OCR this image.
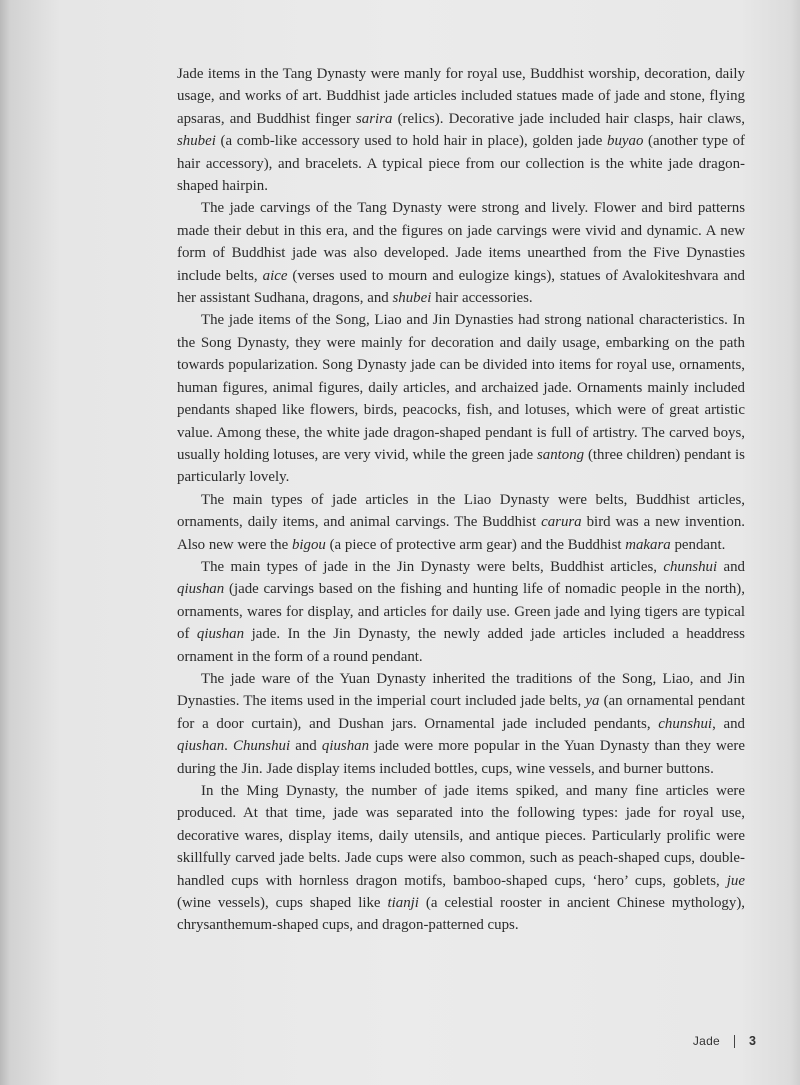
Jade items in the Tang Dynasty were manly for royal use, Buddhist worship, decoration, daily usage, and works of art. Buddhist jade articles included statues made of jade and stone, flying apsaras, and Buddhist finger sarira (relics). Decorative jade included hair clasps, hair claws, shubei (a comb-like accessory used to hold hair in place), golden jade buyao (another type of hair accessory), and bracelets. A typical piece from our collection is the white jade dragon-shaped hairpin.

The jade carvings of the Tang Dynasty were strong and lively. Flower and bird patterns made their debut in this era, and the figures on jade carvings were vivid and dynamic. A new form of Buddhist jade was also developed. Jade items unearthed from the Five Dynasties include belts, aice (verses used to mourn and eulogize kings), statues of Avalokiteshvara and her assistant Sudhana, dragons, and shubei hair accessories.

The jade items of the Song, Liao and Jin Dynasties had strong national characteristics. In the Song Dynasty, they were mainly for decoration and daily usage, embarking on the path towards popularization. Song Dynasty jade can be divided into items for royal use, ornaments, human figures, animal figures, daily articles, and archaized jade. Ornaments mainly included pendants shaped like flowers, birds, peacocks, fish, and lotuses, which were of great artistic value. Among these, the white jade dragon-shaped pendant is full of artistry. The carved boys, usually holding lotuses, are very vivid, while the green jade santong (three children) pendant is particularly lovely.

The main types of jade articles in the Liao Dynasty were belts, Buddhist articles, ornaments, daily items, and animal carvings. The Buddhist carura bird was a new invention. Also new were the bigou (a piece of protective arm gear) and the Buddhist makara pendant.

The main types of jade in the Jin Dynasty were belts, Buddhist articles, chunshui and qiushan (jade carvings based on the fishing and hunting life of nomadic people in the north), ornaments, wares for display, and articles for daily use. Green jade and lying tigers are typical of qiushan jade. In the Jin Dynasty, the newly added jade articles included a headdress ornament in the form of a round pendant.

The jade ware of the Yuan Dynasty inherited the traditions of the Song, Liao, and Jin Dynasties. The items used in the imperial court included jade belts, ya (an ornamental pendant for a door curtain), and Dushan jars. Ornamental jade included pendants, chunshui, and qiushan. Chunshui and qiushan jade were more popular in the Yuan Dynasty than they were during the Jin. Jade display items included bottles, cups, wine vessels, and burner buttons.

In the Ming Dynasty, the number of jade items spiked, and many fine articles were produced. At that time, jade was separated into the following types: jade for royal use, decorative wares, display items, daily utensils, and antique pieces. Particularly prolific were skillfully carved jade belts. Jade cups were also common, such as peach-shaped cups, double-handled cups with hornless dragon motifs, bamboo-shaped cups, ‘hero’ cups, goblets, jue (wine vessels), cups shaped like tianji (a celestial rooster in ancient Chinese mythology), chrysanthemum-shaped cups, and dragon-patterned cups.

Jade 3
